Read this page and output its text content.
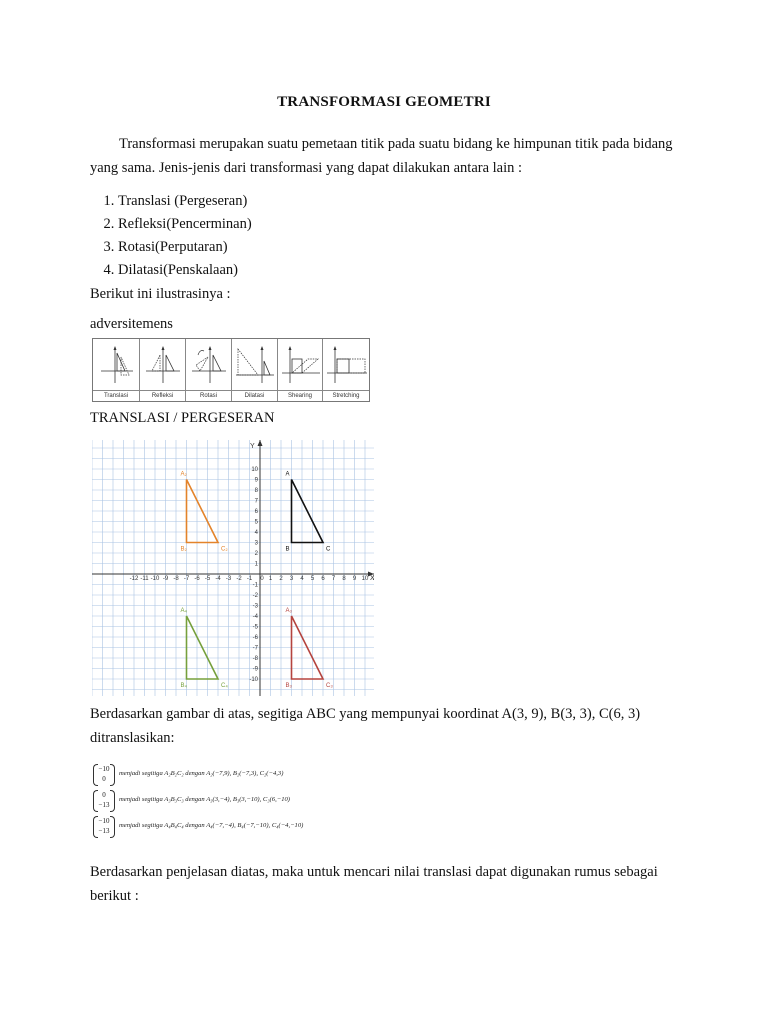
TRANSFORMASI GEOMETRI
Transformasi merupakan suatu pemetaan titik pada suatu bidang ke himpunan titik pada bidang yang sama. Jenis-jenis dari transformasi yang dapat dilakukan antara lain :
1. Translasi (Pergeseran)
2. Refleksi(Pencerminan)
3. Rotasi(Perputaran)
4. Dilatasi(Penskalaan)
Berikut ini ilustrasinya :
adversitemens
Translasi	Refleksi	Rotasi	Dilatasi	Shearing	Stretching
TRANSLASI / PERGESERAN
X
Y
-12 -11 -10 -9 -8 -7 -6 -5 -4 -3 -2 -1 0 1 2 3 4 5 6 7 8 9 10
10
9
8
7
6
5
4
3
2
1
-1
-2
-3
-4
-5
-6
-7
-8
-9
-10
A
B	C
A₂
B₂	C₂
A₃
B₃	C₃
A₄
B₄	C₄
Berdasarkan gambar di atas, segitiga ABC yang mempunyai koordinat A(3, 9), B(3, 3), C(6, 3) ditranslasikan:
−10
0
menjadi segitiga A₂B₂C₂ dengan A₂(−7,9), B₂(−7,3), C₂(−4,3)
0
−13
menjadi segitiga A₃B₃C₃ dengan A₃(3,−4), B₃(3,−10), C₃(6,−10)
−10
−13
menjadi segitiga A₄B₄C₄ dengan A₄(−7,−4), B₄(−7,−10), C₄(−4,−10)
Berdasarkan penjelasan diatas, maka untuk mencari nilai translasi dapat digunakan rumus sebagai berikut :
